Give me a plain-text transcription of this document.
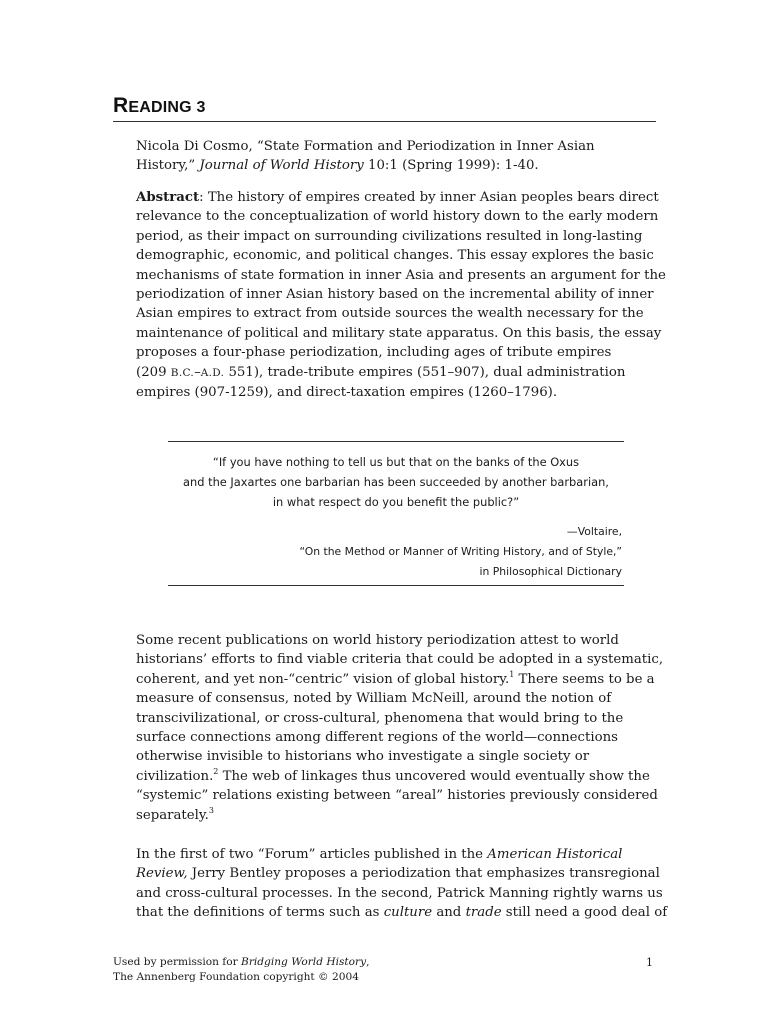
READING 3
Nicola Di Cosmo, “State Formation and Periodization in Inner Asian
History,” Journal of World History 10:1 (Spring 1999): 1-40.
Abstract: The history of empires created by inner Asian peoples bears direct
relevance to the conceptualization of world history down to the early modern
period, as their impact on surrounding civilizations resulted in long-lasting
demographic, economic, and political changes. This essay explores the basic
mechanisms of state formation in inner Asia and presents an argument for the
periodization of inner Asian history based on the incremental ability of inner
Asian empires to extract from outside sources the wealth necessary for the
maintenance of political and military state apparatus. On this basis, the essay
proposes a four-phase periodization, including ages of tribute empires
(209 B.C.–A.D. 551), trade-tribute empires (551–907), dual administration
empires (907-1259), and direct-taxation empires (1260–1796).
“If you have nothing to tell us but that on the banks of the Oxus
and the Jaxartes one barbarian has been succeeded by another barbarian,
in what respect do you benefit the public?”
—Voltaire,
“On the Method or Manner of Writing History, and of Style,”
in Philosophical Dictionary
Some recent publications on world history periodization attest to world
historians’ efforts to find viable criteria that could be adopted in a systematic,
coherent, and yet non-“centric” vision of global history.$^1$ There seems to be a
measure of consensus, noted by William McNeill, around the notion of
transcivilizational, or cross-cultural, phenomena that would bring to the
surface connections among different regions of the world—connections
otherwise invisible to historians who investigate a single society or
civilization.$^2$ The web of linkages thus uncovered would eventually show the
“systemic” relations existing between “areal” histories previously considered
separately.$^3$
In the first of two “Forum” articles published in the American Historical
Review, Jerry Bentley proposes a periodization that emphasizes transregional
and cross-cultural processes. In the second, Patrick Manning rightly warns us
that the definitions of terms such as culture and trade still need a good deal of
Used by permission for Bridging World History,
The Annenberg Foundation copyright © 2004
1
